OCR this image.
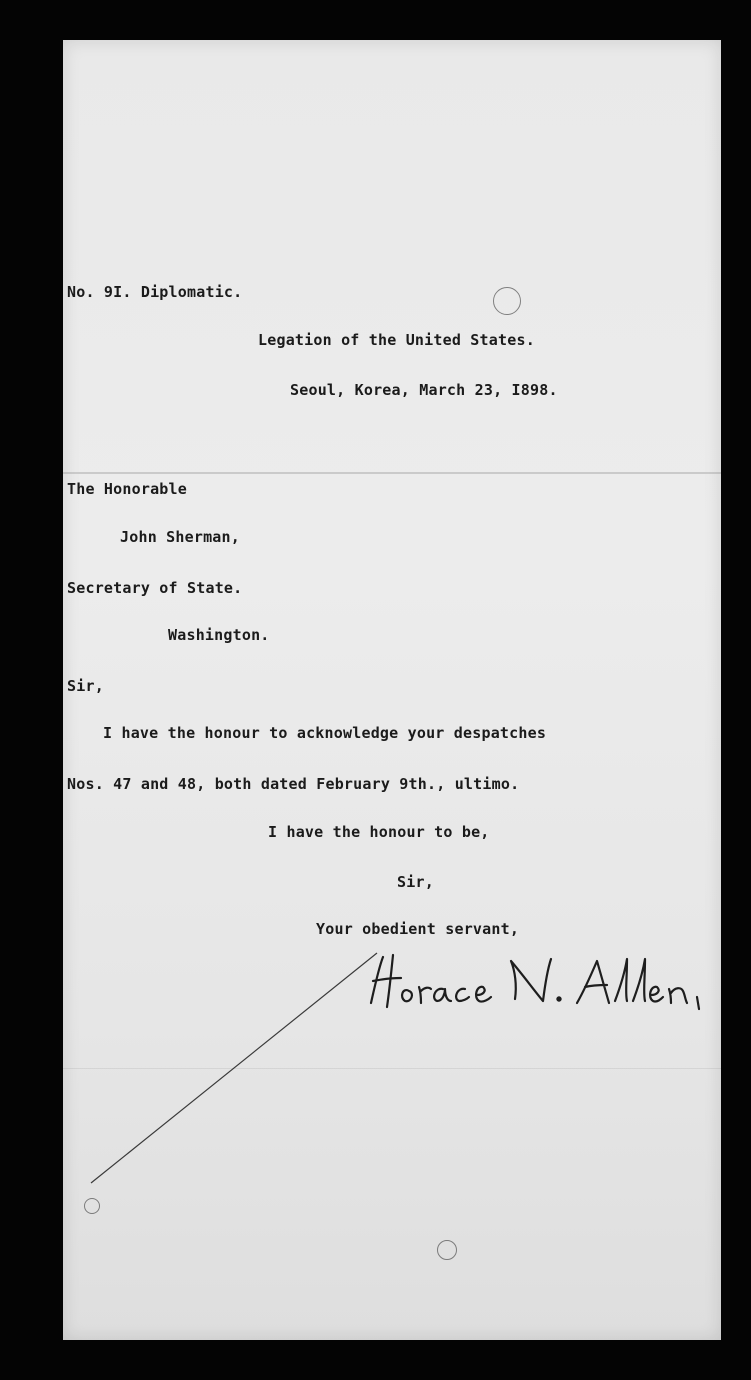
No. 9I. Diplomatic.
Legation of the United States.
Seoul, Korea, March 23, I898.
The Honorable
John Sherman,
Secretary of State.
Washington.
Sir,
I have the honour to acknowledge your despatches
Nos. 47 and 48, both dated February 9th., ultimo.
I have the honour to be,
Sir,
Your obedient servant,
